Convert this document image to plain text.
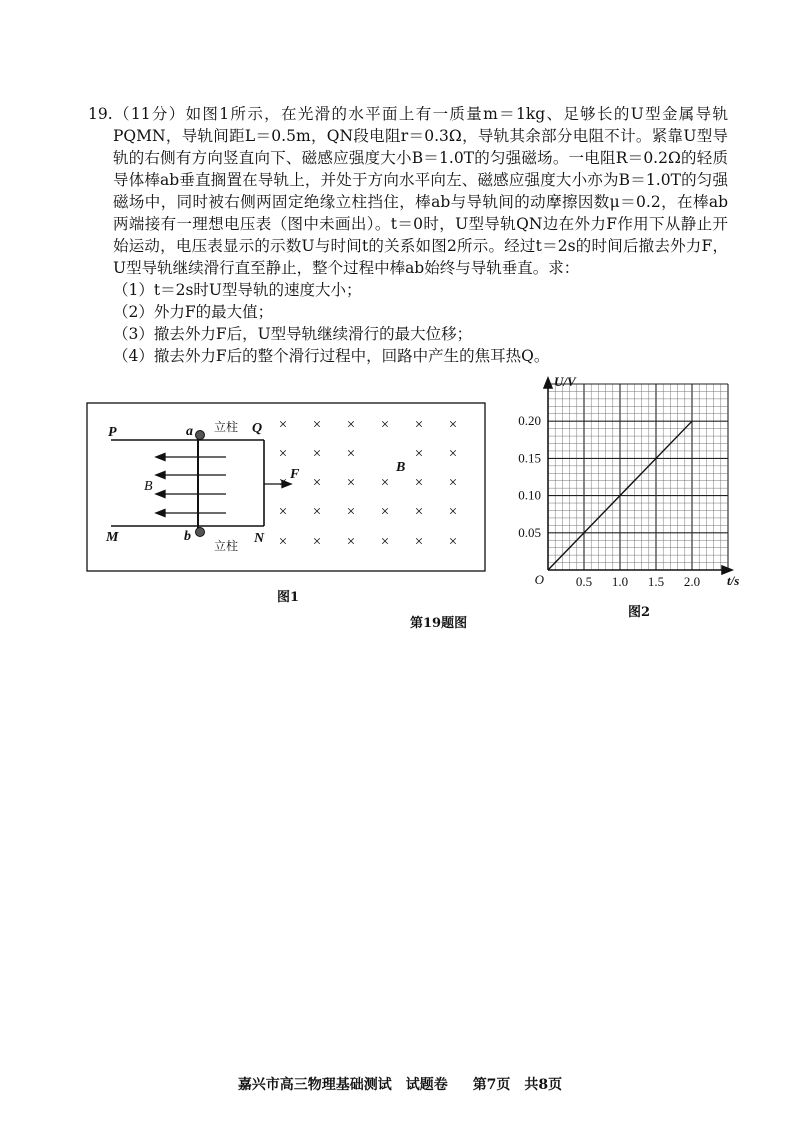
19.（11分）如图1所示，在光滑的水平面上有一质量m＝1kg、足够长的U型金属导轨PQMN，导轨间距L＝0.5m，QN段电阻r＝0.3Ω，导轨其余部分电阻不计。紧靠U型导轨的右侧有方向竖直向下、磁感应强度大小B＝1.0T的匀强磁场。一电阻R＝0.2Ω的轻质导体棒ab垂直搁置在导轨上，并处于方向水平向左、磁感应强度大小亦为B＝1.0T的匀强磁场中，同时被右侧两固定绝缘立柱挡住，棒ab与导轨间的动摩擦因数μ＝0.2，在棒ab两端接有一理想电压表（图中未画出）。t＝0时，U型导轨QN边在外力F作用下从静止开始运动，电压表显示的示数U与时间t的关系如图2所示。经过t＝2s的时间后撤去外力F，U型导轨继续滑行直至静止，整个过程中棒ab始终与导轨垂直。求：

（1）t＝2s时U型导轨的速度大小；

（2）外力F的最大值；

（3）撤去外力F后，U型导轨继续滑行的最大位移；

（4）撤去外力F后的整个滑行过程中，回路中产生的焦耳热Q。

× × × × × ×
× × ×	× ×
× × × × × ×
× × × × × ×
× × × × × ×
P
M
a
b
Q
N
F	B
B
立柱
立柱
图1
0.5 1.0 1.5 2.0
0.05
0.10
0.15
0.20
O
U/V
t/s
图2
第19题图
嘉兴市高三物理基础测试　试题卷 第7页　共8页
